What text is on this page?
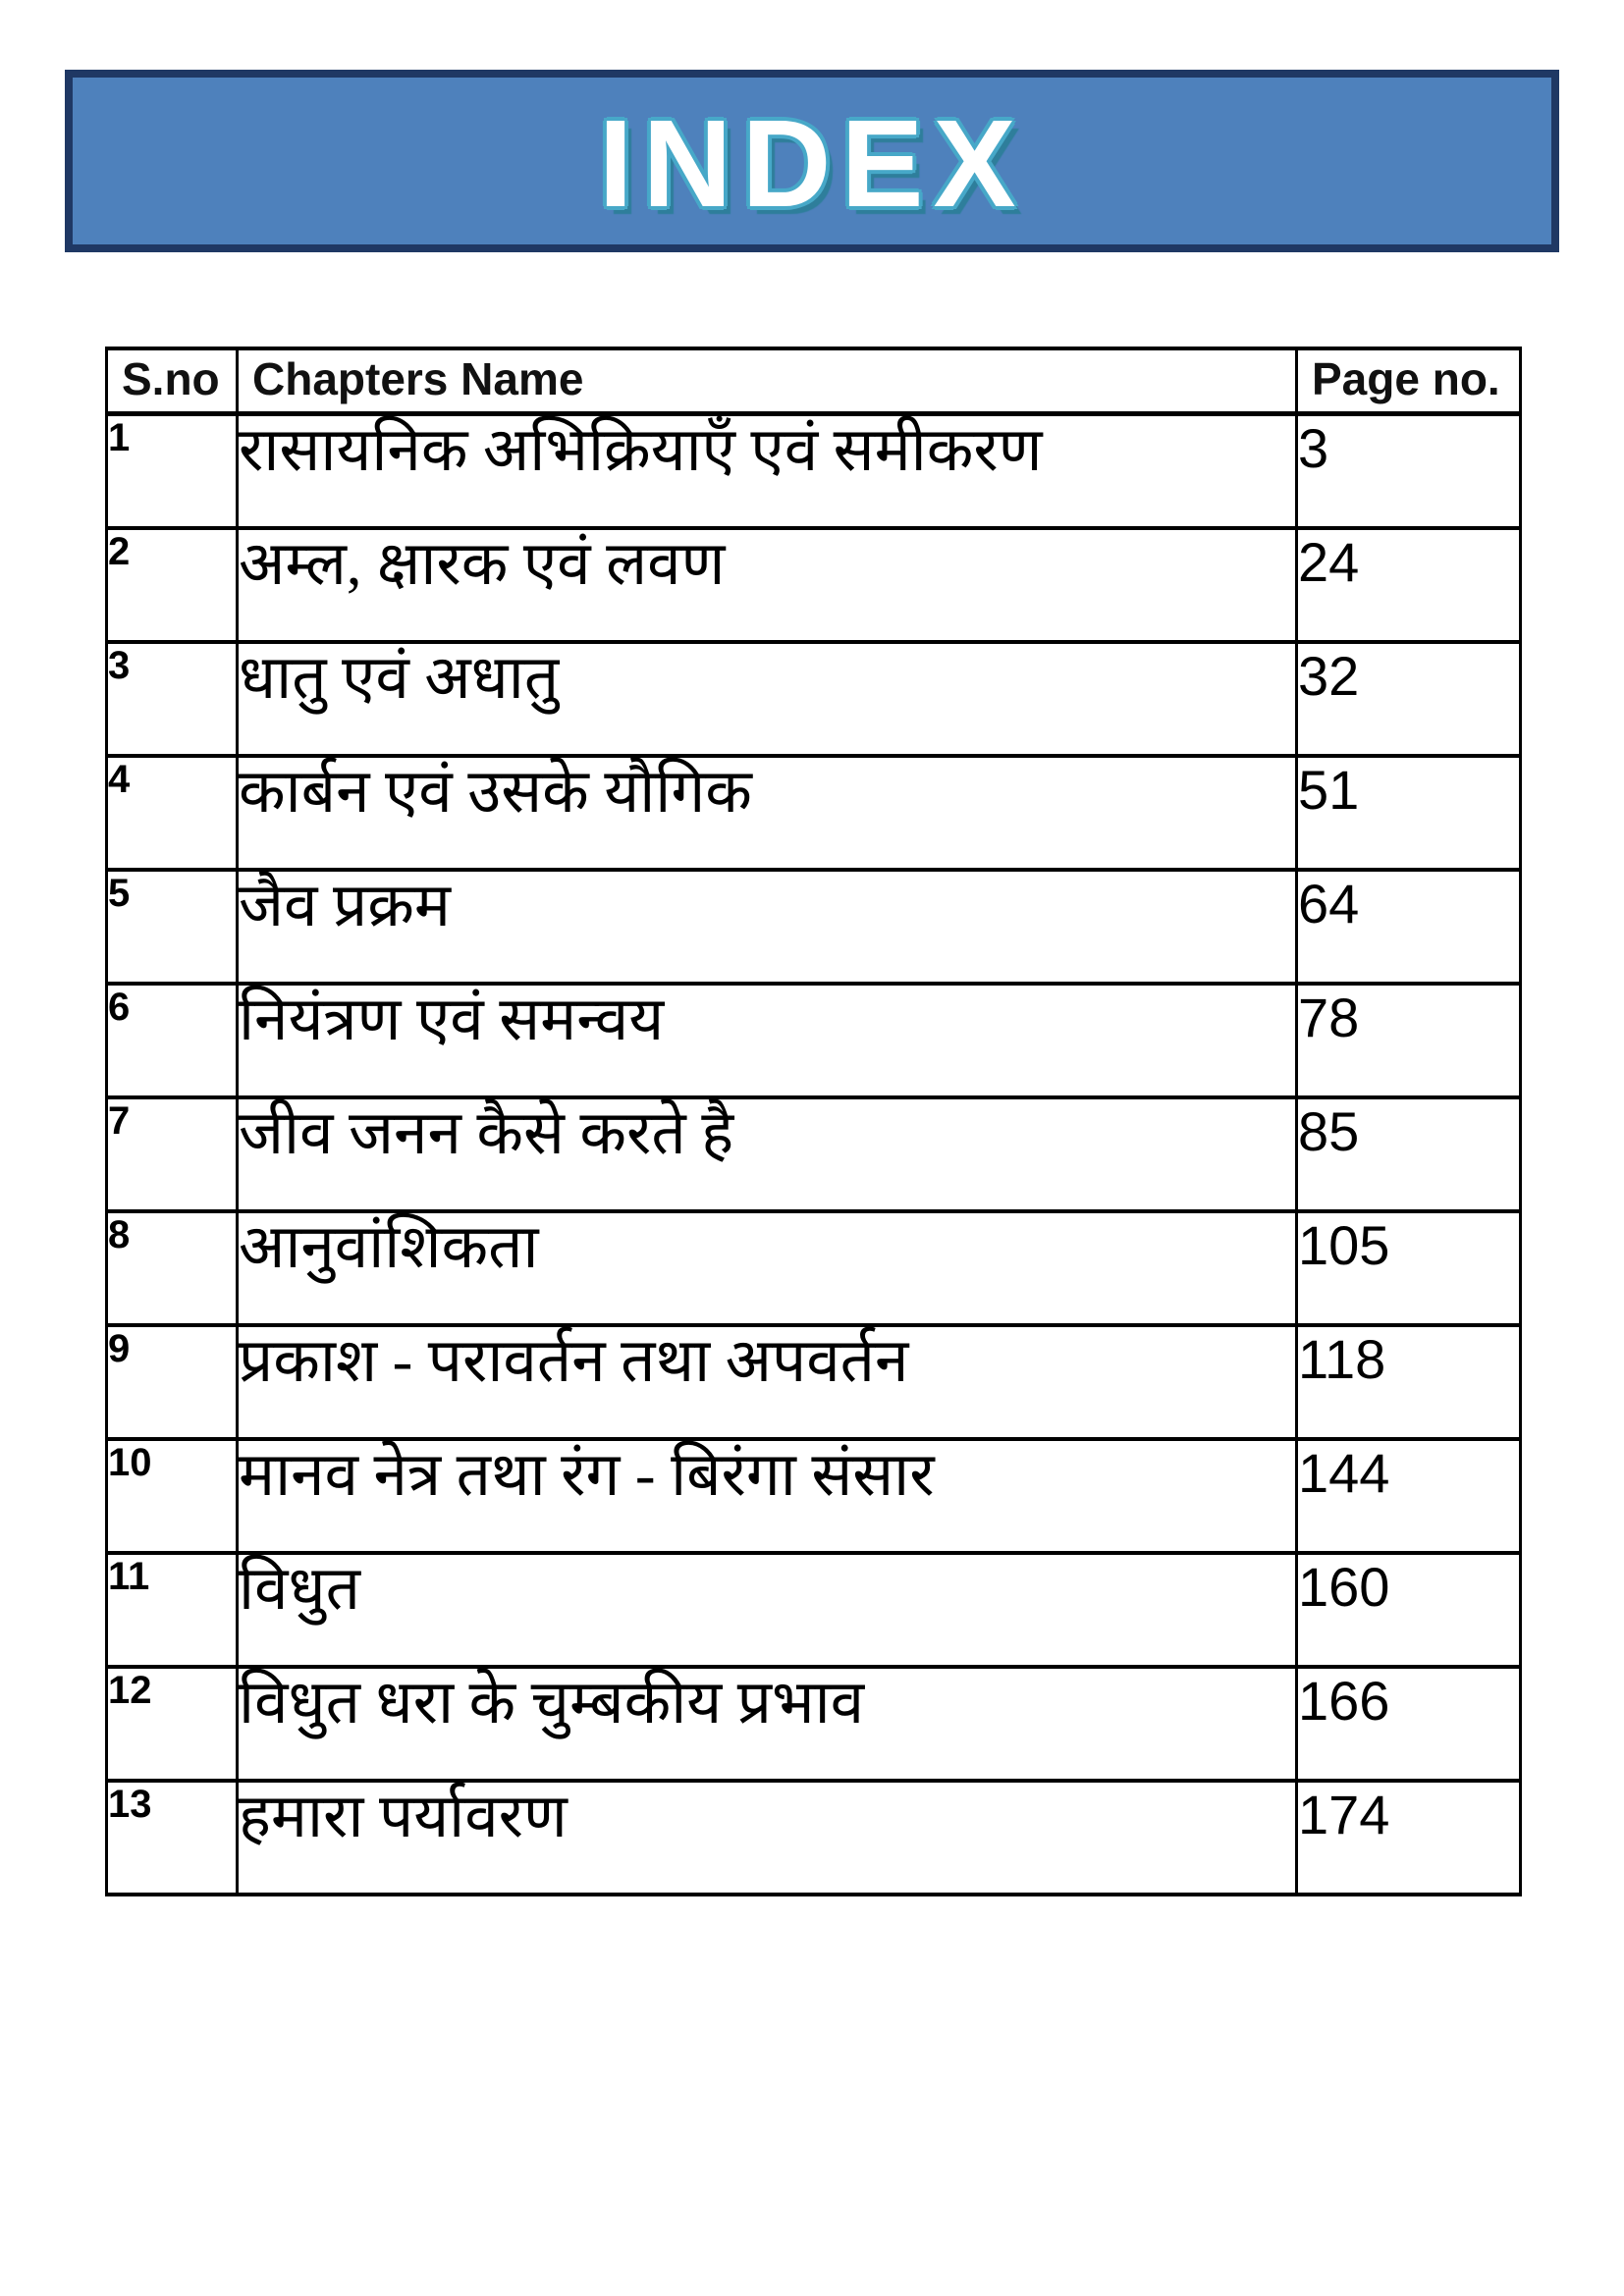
INDEX
S.no	Chapters Name	Page no.
1	रासायनिक अभिक्रियाएँ एवं समीकरण	3
2	अम्ल, क्षारक एवं लवण	24
3	धातु एवं अधातु	32
4	कार्बन एवं उसके यौगिक	51
5	जैव प्रक्रम	64
6	नियंत्रण एवं समन्वय	78
7	जीव जनन कैसे करते है	85
8	आनुवांशिकता	105
9	प्रकाश - परावर्तन तथा अपवर्तन	118
10	मानव नेत्र तथा रंग - बिरंगा संसार	144
11	विधुत	160
12	विधुत धरा के चुम्बकीय प्रभाव	166
13	हमारा पर्यावरण	174
